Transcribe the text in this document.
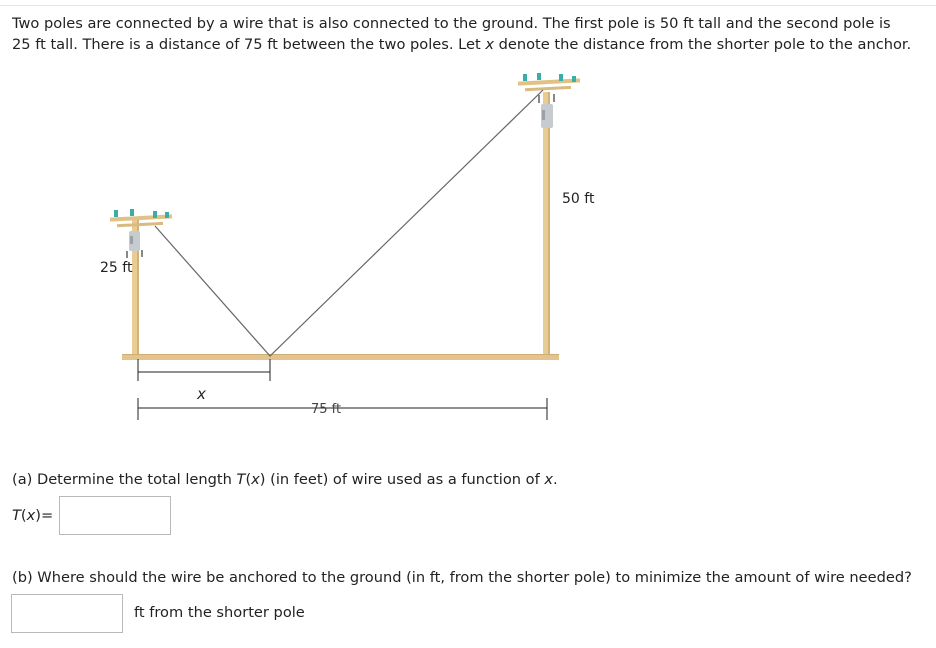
Two poles are connected by a wire that is also connected to the ground. The first pole is 50 ft tall and the second pole is
25 ft tall. There is a distance of 75 ft between the two poles. Let x denote the distance from the shorter pole to the anchor.
50 ft
25 ft
x
75 ft
(a) Determine the total length T(x) (in feet) of wire used as a function of x.
T(x)=
(b) Where should the wire be anchored to the ground (in ft, from the shorter pole) to minimize the amount of wire needed?
ft from the shorter pole
